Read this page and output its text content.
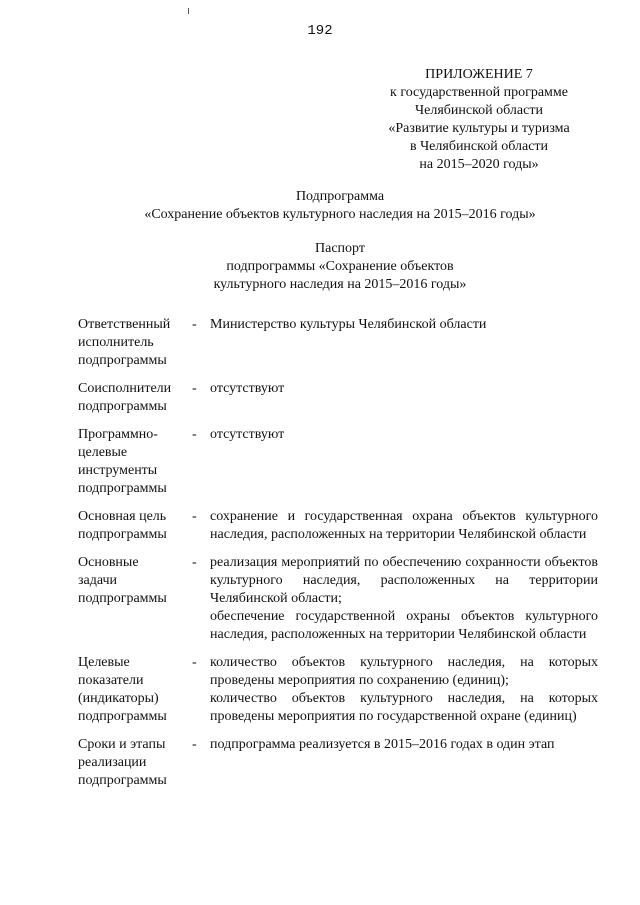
192
ПРИЛОЖЕНИЕ 7
к государственной программе
Челябинской области
«Развитие культуры и туризма
в Челябинской области
на 2015–2020 годы»
Подпрограмма
«Сохранение объектов культурного наследия на 2015–2016 годы»
Паспорт
подпрограммы «Сохранение объектов
культурного наследия на 2015–2016 годы»
Ответственный
исполнитель
подпрограммы
- Министерство культуры Челябинской области

Соисполнители
подпрограммы
- отсутствуют

Программно-
целевые
инструменты
подпрограммы
- отсутствуют

Основная цель
подпрограммы
- сохранение и государственная охрана объектов культурного наследия, расположенных на территории Челябинской области

Основные
задачи
подпрограммы
- реализация мероприятий по обеспечению сохранности объектов культурного наследия, расположенных на территории Челябинской области;

обеспечение государственной охраны объектов культурного наследия, расположенных на территории Челябинской области

Целевые
показатели
(индикаторы)
подпрограммы
- количество объектов культурного наследия, на которых проведены мероприятия по сохранению (единиц);

количество объектов культурного наследия, на которых проведены мероприятия по государственной охране (единиц)

Сроки и этапы
реализации
подпрограммы
- подпрограмма реализуется в 2015–2016 годах в один этап
